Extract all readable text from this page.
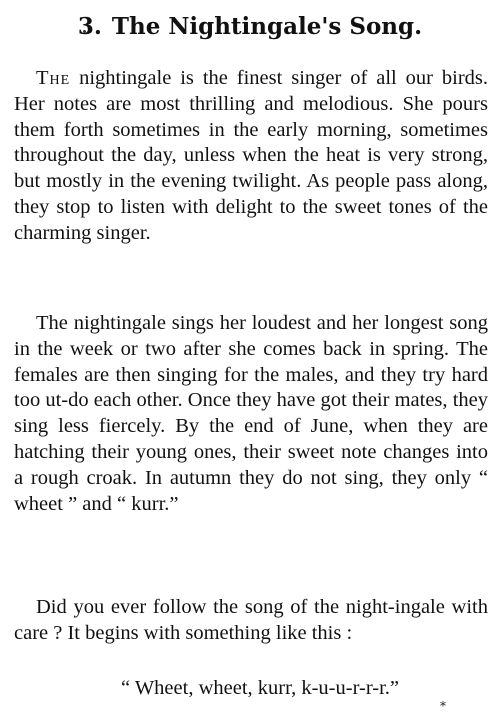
3. The Nightingale's Song.

The nightingale is the finest singer of all our birds. Her notes are most thrilling and melodious. She pours them forth sometimes in the early morning, sometimes throughout the day, unless when the heat is very strong, but mostly in the evening twilight. As people pass along, they stop to listen with delight to the sweet tones of the charming singer.

The nightingale sings her loudest and her longest song in the week or two after she comes back in spring. The females are then singing for the males, and they try hard too ut-do each other. Once they have got their mates, they sing less fiercely. By the end of June, when they are hatching their young ones, their sweet note changes into a rough croak. In autumn they do not sing, they only “ wheet ” and “ kurr.”

Did you ever follow the song of the night-ingale with care ? It begins with something like this :

“ Wheet, wheet, kurr, k-u-u-r-r-r.”
*
